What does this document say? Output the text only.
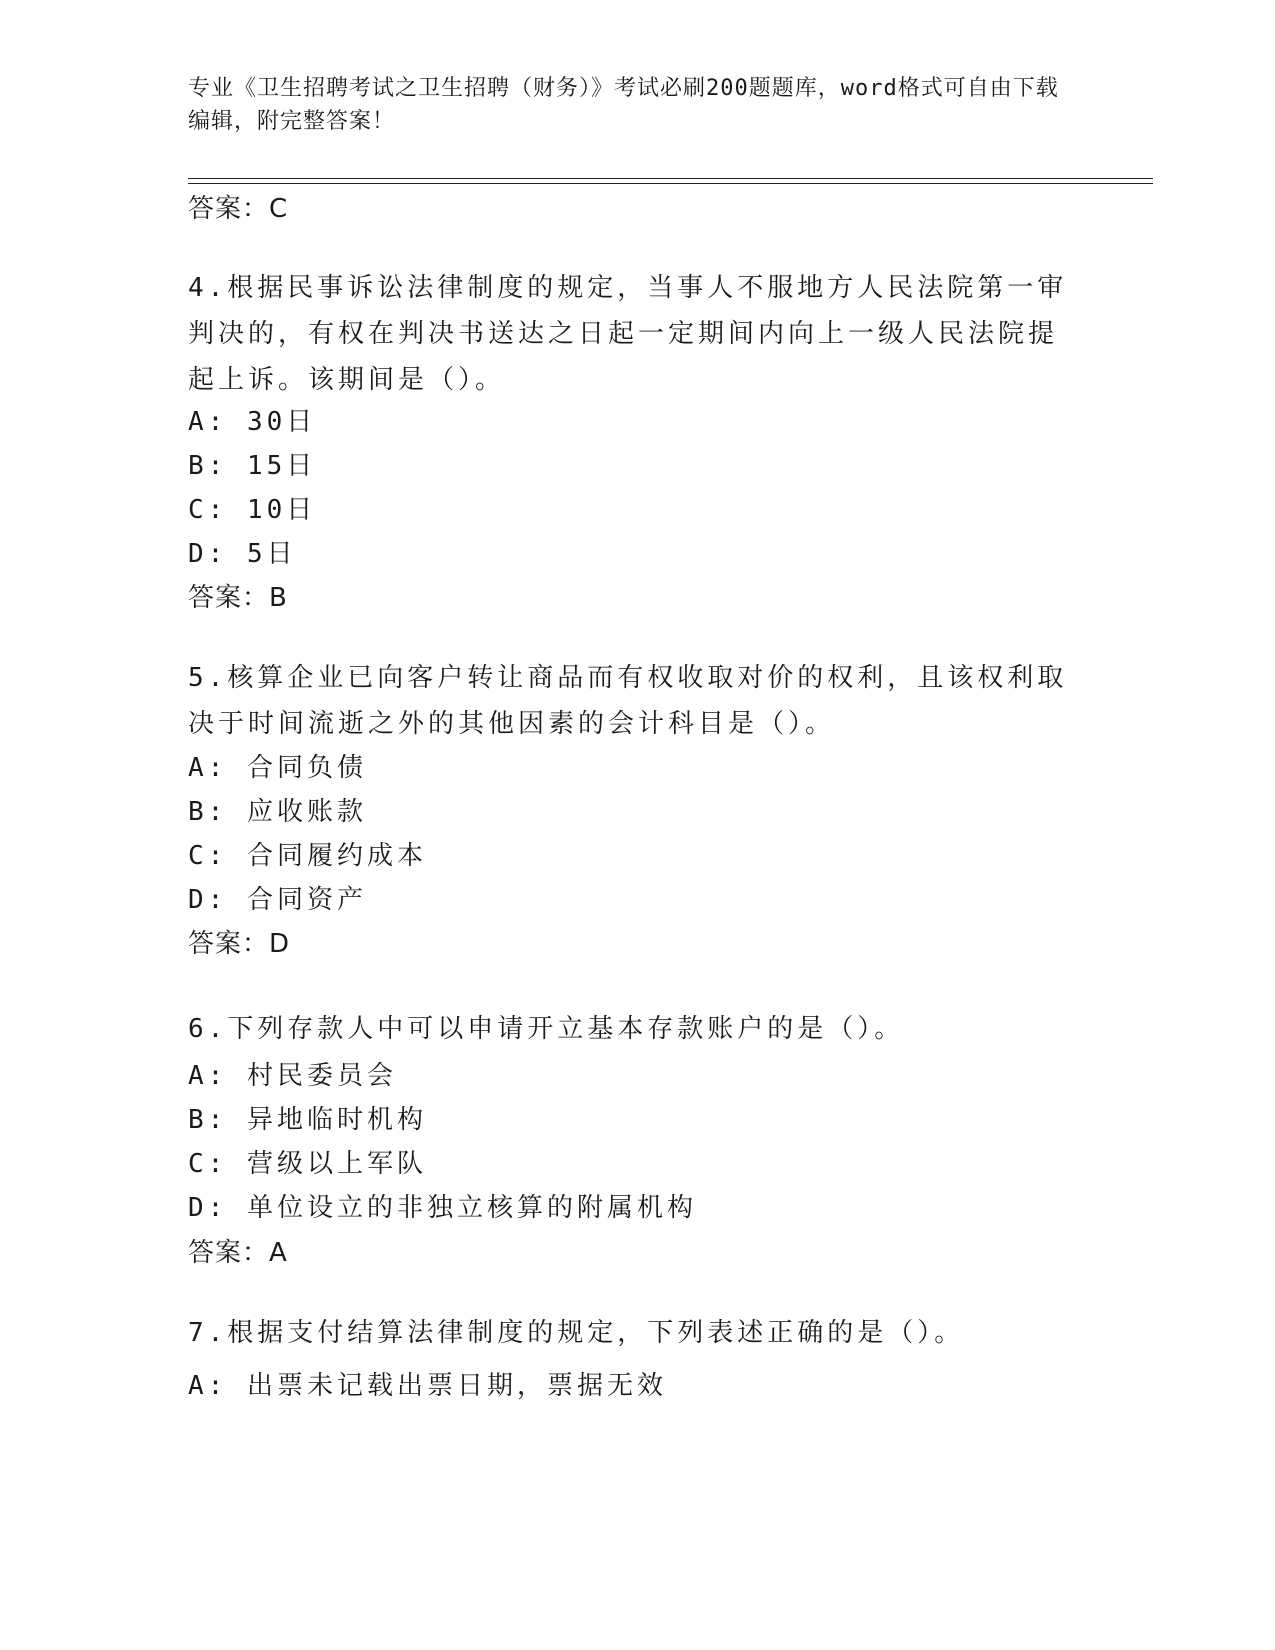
专业《卫生招聘考试之卫生招聘（财务）》考试必刷200题题库，word格式可自由下载编辑，附完整答案！
答案：C
4.根据民事诉讼法律制度的规定，当事人不服地方人民法院第一审判决的，有权在判决书送达之日起一定期间内向上一级人民法院提起上诉。该期间是（）。
A: 30日
B: 15日
C: 10日
D: 5日
答案：B
5.核算企业已向客户转让商品而有权收取对价的权利，且该权利取决于时间流逝之外的其他因素的会计科目是（）。
A: 合同负债
B: 应收账款
C: 合同履约成本
D: 合同资产
答案：D
6.下列存款人中可以申请开立基本存款账户的是（）。
A: 村民委员会
B: 异地临时机构
C: 营级以上军队
D: 单位设立的非独立核算的附属机构
答案：A
7.根据支付结算法律制度的规定，下列表述正确的是（）。
A: 出票未记载出票日期，票据无效
